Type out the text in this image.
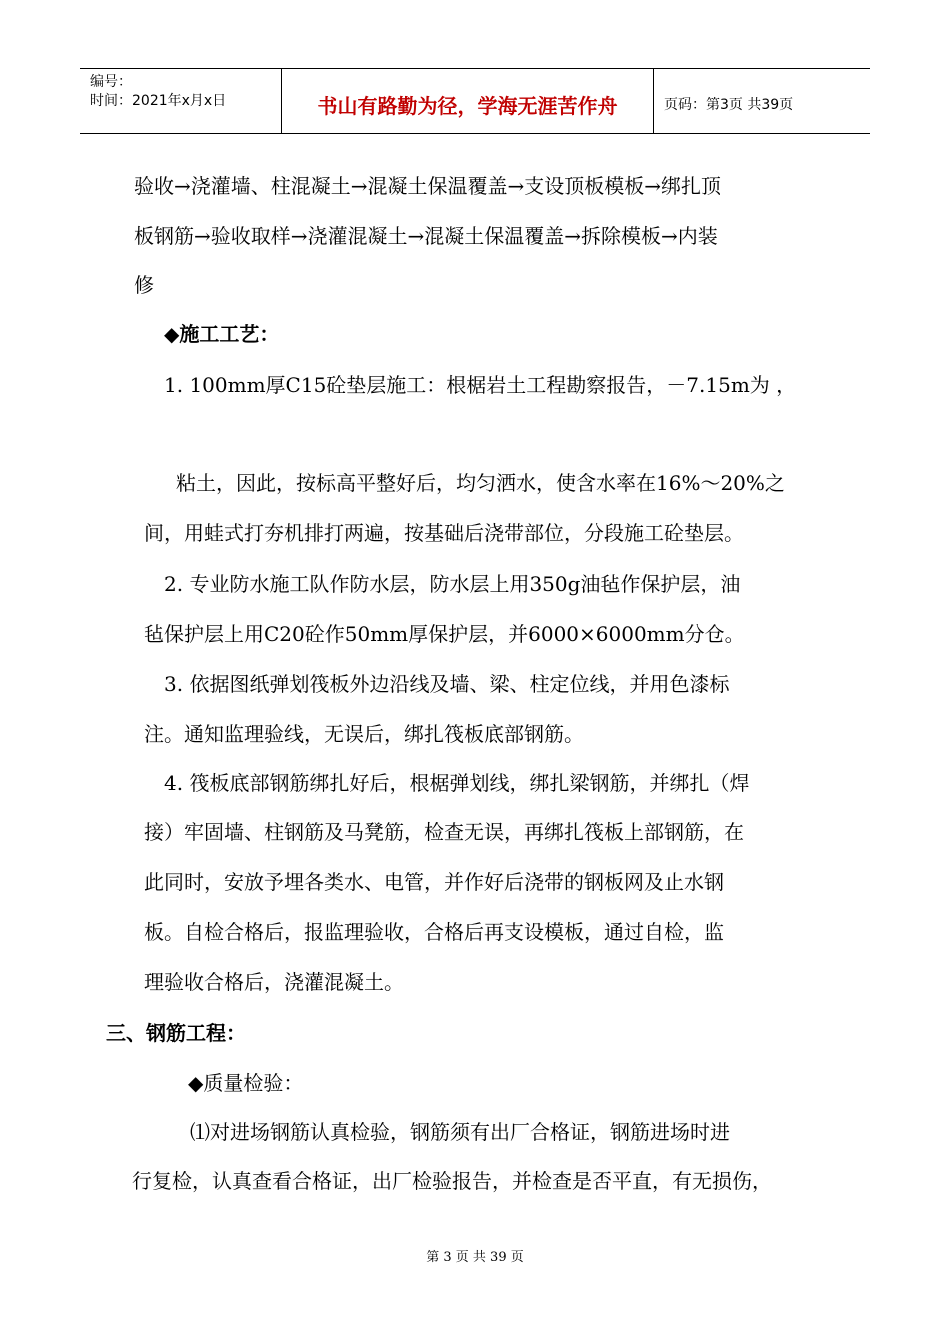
编号：
时间：2021年x月x日	书山有路勤为径，学海无涯苦作舟	页码：第3页 共39页
验收→浇灌墙、柱混凝土→混凝土保温覆盖→支设顶板模板→绑扎顶
板钢筋→验收取样→浇灌混凝土→混凝土保温覆盖→拆除模板→内装
修
◆施工工艺：
1. 100mm厚C15砼垫层施工：根椐岩土工程勘察报告，－7.15m为 ，
粘土，因此，按标高平整好后，均匀洒水，使含水率在16%～20%之
间，用蛙式打夯机排打两遍，按基础后浇带部位，分段施工砼垫层。
2. 专业防水施工队作防水层，防水层上用350g油毡作保护层，油
毡保护层上用C20砼作50mm厚保护层，并6000×6000mm分仓。
3. 依据图纸弹划筏板外边沿线及墙、梁、柱定位线，并用色漆标
注。通知监理验线，无误后，绑扎筏板底部钢筋。
4. 筏板底部钢筋绑扎好后，根椐弹划线，绑扎梁钢筋，并绑扎（焊
接）牢固墙、柱钢筋及马凳筋，检查无误，再绑扎筏板上部钢筋，在
此同时，安放予埋各类水、电管，并作好后浇带的钢板网及止水钢
板。自检合格后，报监理验收，合格后再支设模板，通过自检，监
理验收合格后，浇灌混凝土。
三、钢筋工程：
◆质量检验：
⑴对进场钢筋认真检验，钢筋须有出厂合格证，钢筋进场时进
行复检，认真查看合格证，出厂检验报告，并检查是否平直，有无损伤，
第 3 页 共 39 页
